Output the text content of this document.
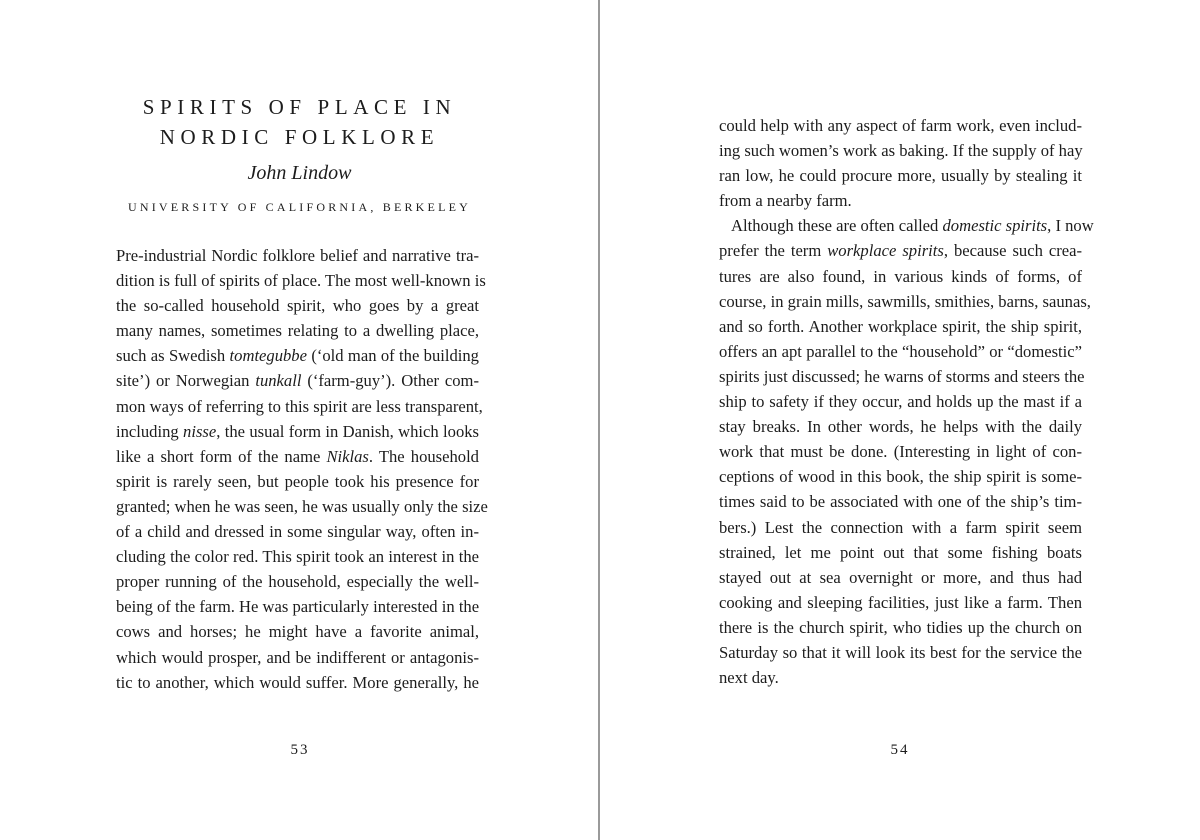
SPIRITS OF PLACE IN
NORDIC FOLKLORE
John Lindow
UNIVERSITY OF CALIFORNIA, BERKELEY
Pre-industrial Nordic folklore belief and narrative tra-
dition is full of spirits of place. The most well-known is
the so-called household spirit, who goes by a great
many names, sometimes relating to a dwelling place,
such as Swedish tomtegubbe (‘old man of the building
site’) or Norwegian tunkall (‘farm-guy’). Other com-
mon ways of referring to this spirit are less transparent,
including nisse, the usual form in Danish, which looks
like a short form of the name Niklas. The household
spirit is rarely seen, but people took his presence for
granted; when he was seen, he was usually only the size
of a child and dressed in some singular way, often in-
cluding the color red. This spirit took an interest in the
proper running of the household, especially the well-
being of the farm. He was particularly interested in the
cows and horses; he might have a favorite animal,
which would prosper, and be indifferent or antagonis-
tic to another, which would suffer. More generally, he
53
could help with any aspect of farm work, even includ-
ing such women’s work as baking. If the supply of hay
ran low, he could procure more, usually by stealing it
from a nearby farm.
Although these are often called domestic spirits, I now
prefer the term workplace spirits, because such crea-
tures are also found, in various kinds of forms, of
course, in grain mills, sawmills, smithies, barns, saunas,
and so forth. Another workplace spirit, the ship spirit,
offers an apt parallel to the “household” or “domestic”
spirits just discussed; he warns of storms and steers the
ship to safety if they occur, and holds up the mast if a
stay breaks. In other words, he helps with the daily
work that must be done. (Interesting in light of con-
ceptions of wood in this book, the ship spirit is some-
times said to be associated with one of the ship’s tim-
bers.) Lest the connection with a farm spirit seem
strained, let me point out that some fishing boats
stayed out at sea overnight or more, and thus had
cooking and sleeping facilities, just like a farm. Then
there is the church spirit, who tidies up the church on
Saturday so that it will look its best for the service the
next day.
54
